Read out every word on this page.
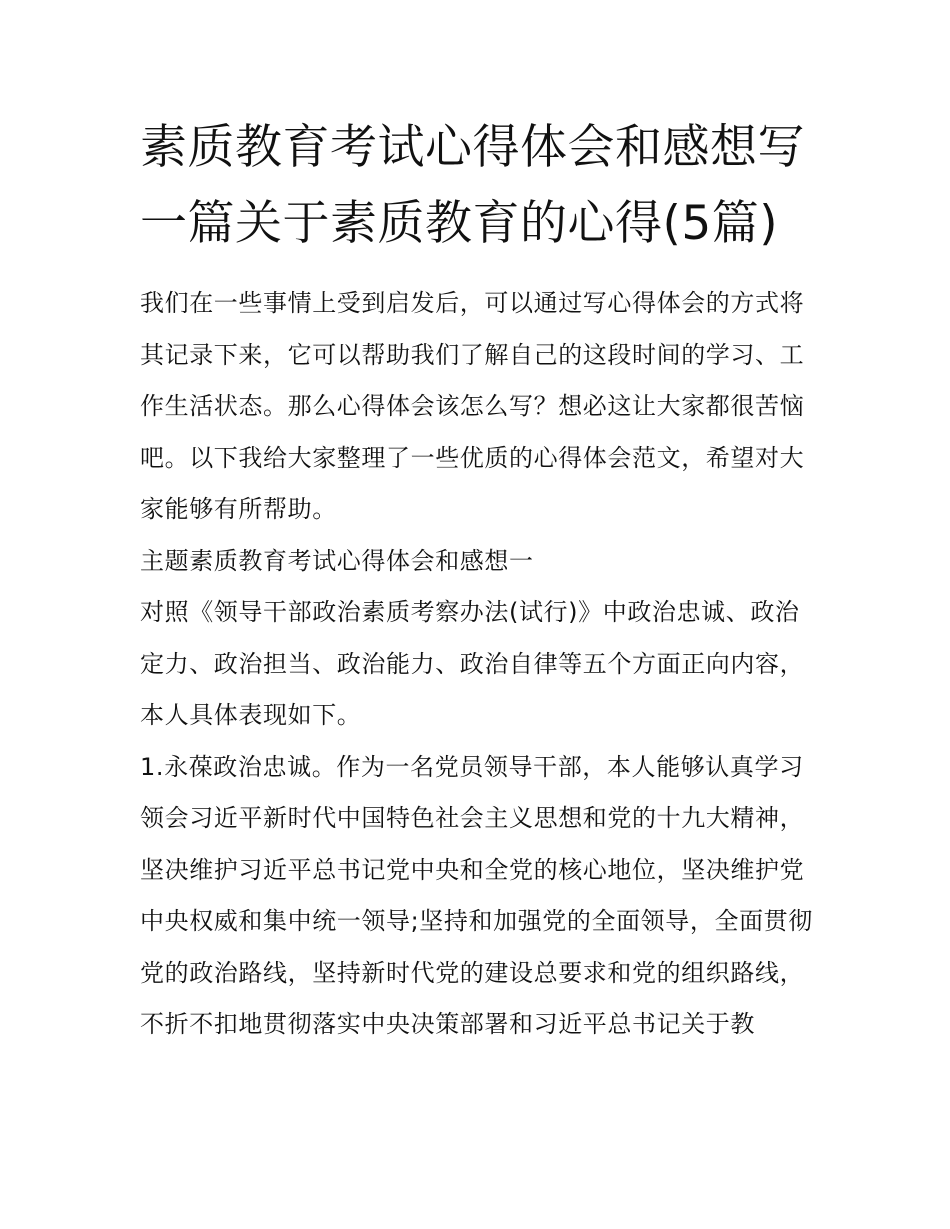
素质教育考试心得体会和感想写一篇关于素质教育的心得(5篇)

我们在一些事情上受到启发后，可以通过写心得体会的方式将其记录下来，它可以帮助我们了解自己的这段时间的学习、工作生活状态。那么心得体会该怎么写？想必这让大家都很苦恼吧。以下我给大家整理了一些优质的心得体会范文，希望对大家能够有所帮助。

主题素质教育考试心得体会和感想一

对照《领导干部政治素质考察办法(试行)》中政治忠诚、政治定力、政治担当、政治能力、政治自律等五个方面正向内容，本人具体表现如下。

1.永葆政治忠诚。作为一名党员领导干部，本人能够认真学习领会习近平新时代中国特色社会主义思想和党的十九大精神，坚决维护习近平总书记党中央和全党的核心地位，坚决维护党中央权威和集中统一领导;坚持和加强党的全面领导，全面贯彻党的政治路线，坚持新时代党的建设总要求和党的组织路线，不折不扣地贯彻落实中央决策部署和习近平总书记关于教
